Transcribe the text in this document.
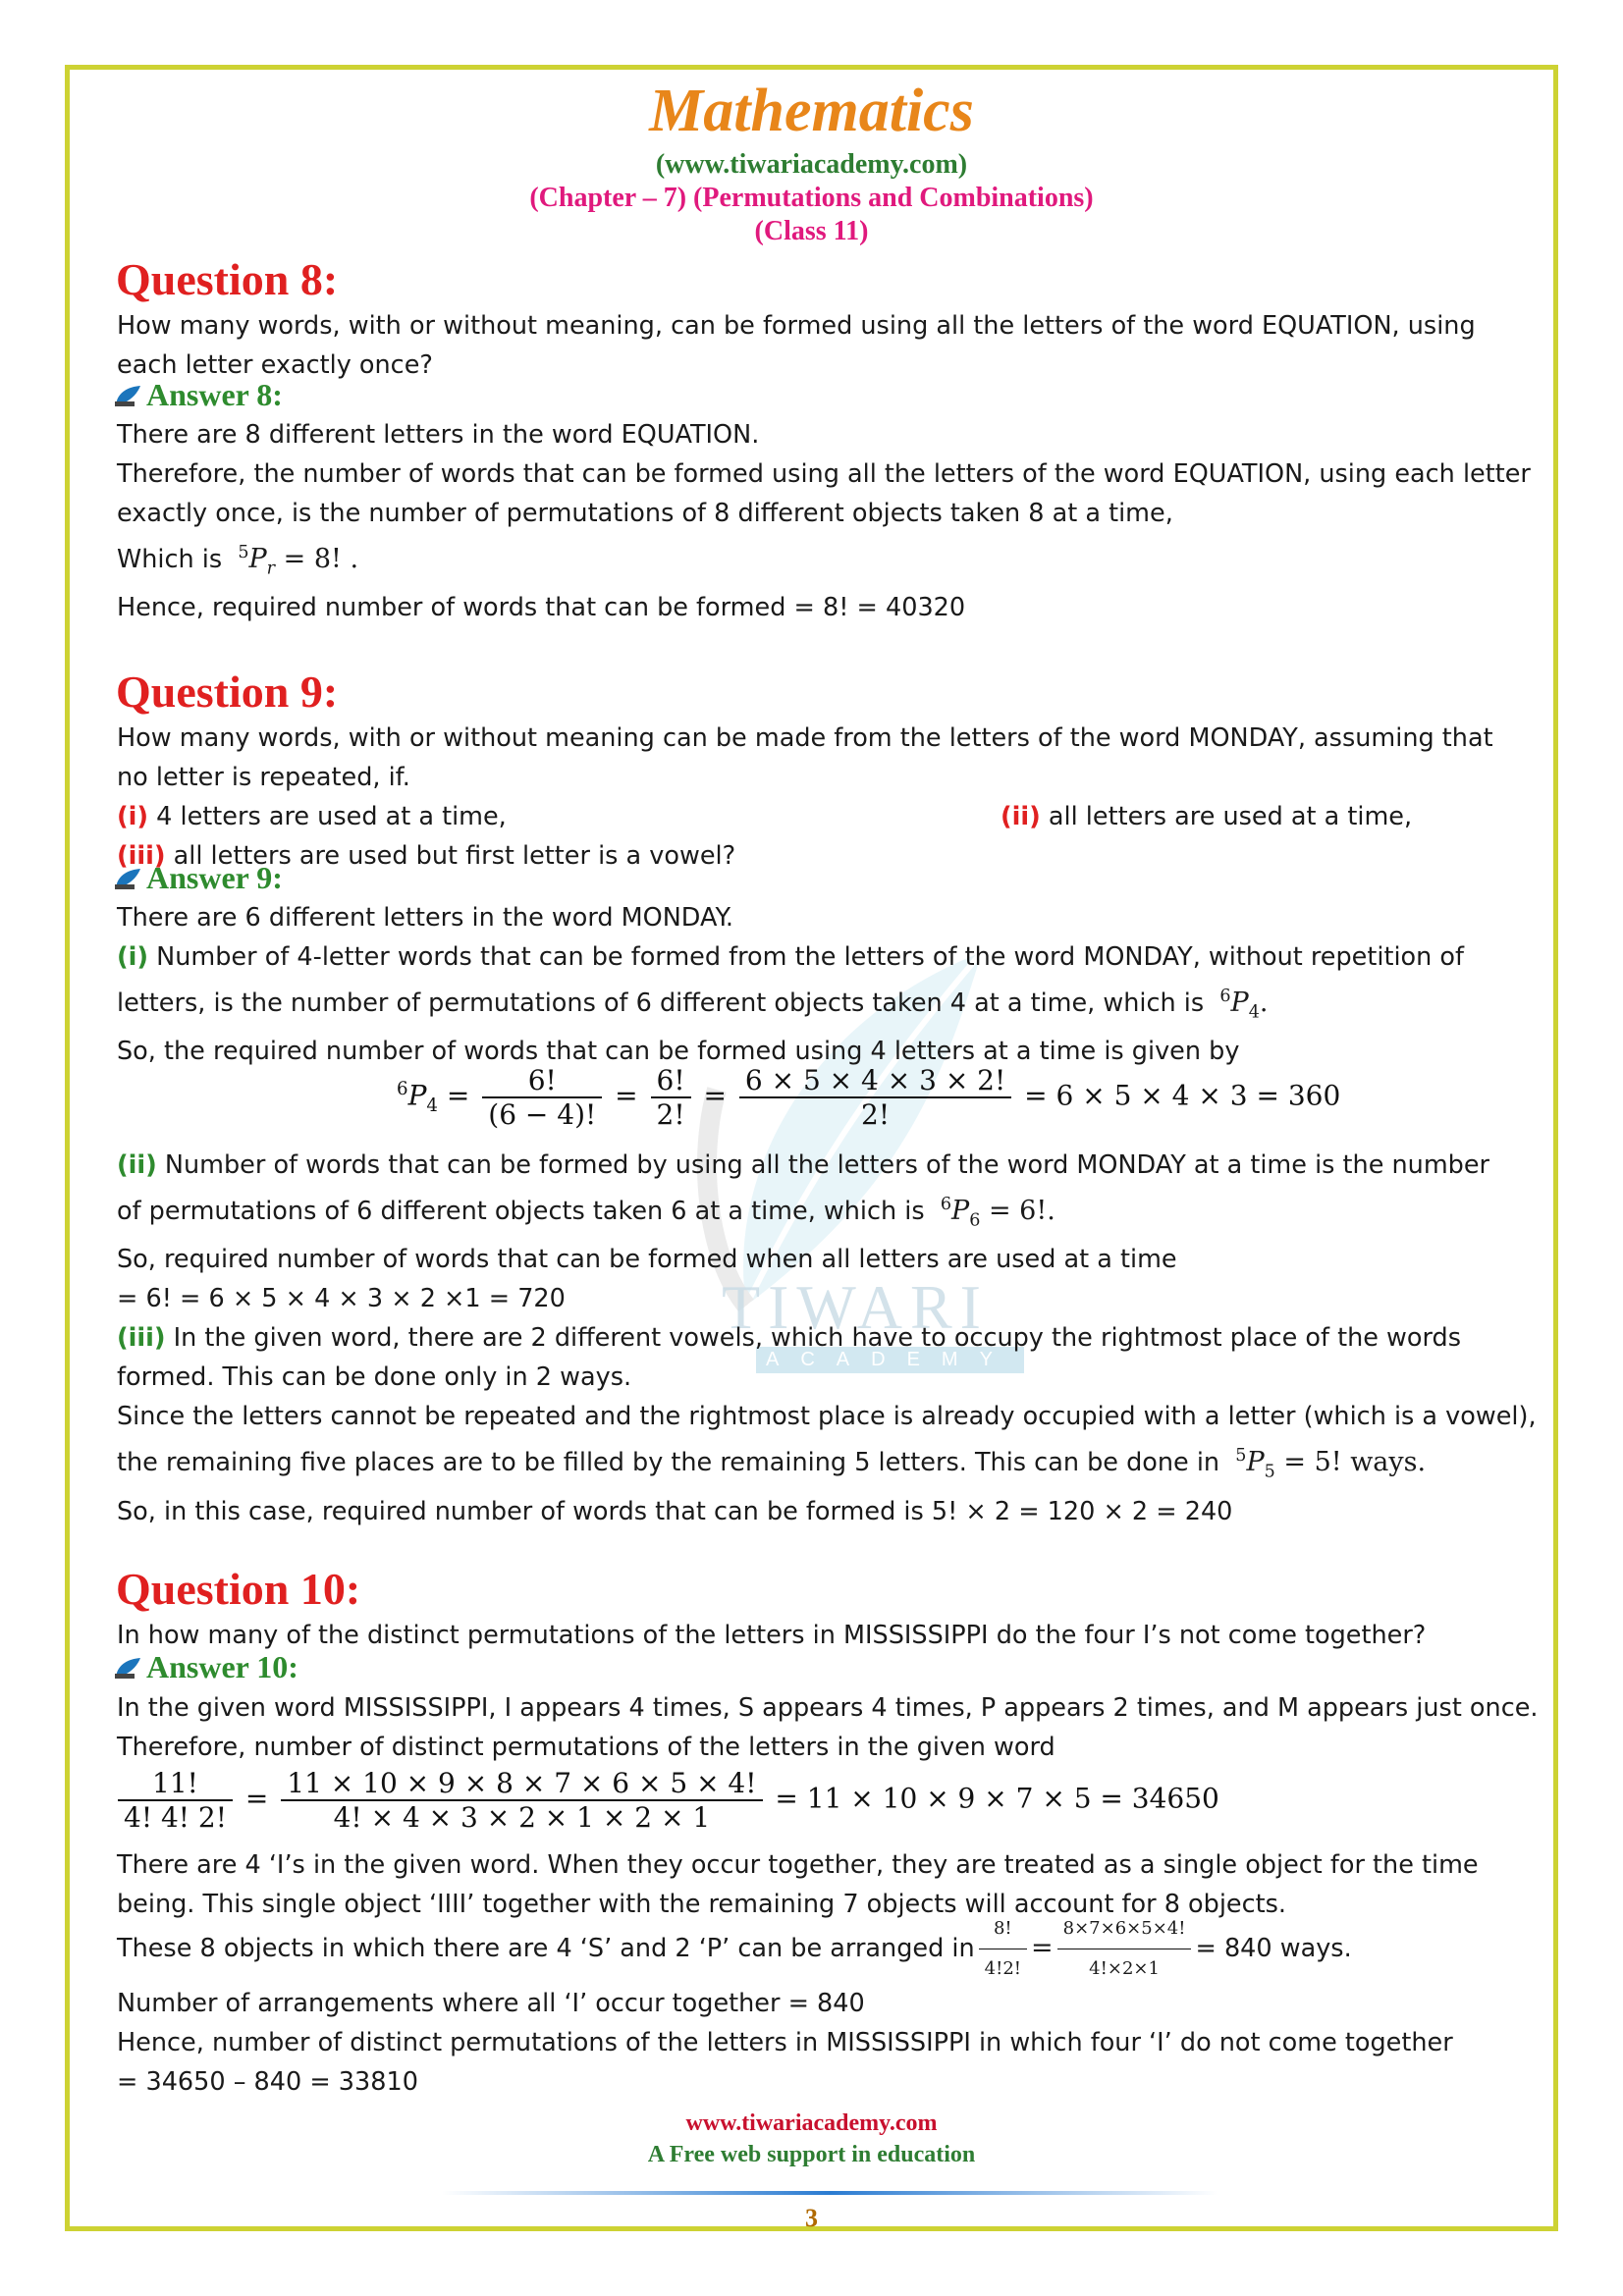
TIWARI
ACADEMY
Mathematics
(www.tiwariacademy.com)
(Chapter – 7) (Permutations and Combinations)
(Class 11)
Question 8:
How many words, with or without meaning, can be formed using all the letters of the word EQUATION, using
each letter exactly once?
Answer 8:
There are 8 different letters in the word EQUATION.
Therefore, the number of words that can be formed using all the letters of the word EQUATION, using each letter
exactly once, is the number of permutations of 8 different objects taken 8 at a time,
Which is $^5P_r = 8$! .
Hence, required number of words that can be formed = 8! = 40320
Question 9:
How many words, with or without meaning can be made from the letters of the word MONDAY, assuming that
no letter is repeated, if.
(i) 4 letters are used at a time,	(ii) all letters are used at a time,
(iii) all letters are used but first letter is a vowel?
Answer 9:
There are 6 different letters in the word MONDAY.
(i) Number of 4-letter words that can be formed from the letters of the word MONDAY, without repetition of
letters, is the number of permutations of 6 different objects taken 4 at a time, which is $^6P_4$.
So, the required number of words that can be formed using 4 letters at a time is given by
$^6P_4 = \frac{6!}{(6 - 4)!} = \frac{6!}{2!} = \frac{6 \times 5 \times 4 \times 3 \times 2!}{2!} = 6 \times 5 \times 4 \times 3 = 360$
(ii) Number of words that can be formed by using all the letters of the word MONDAY at a time is the number
of permutations of 6 different objects taken 6 at a time, which is $^6P_6 = 6$!.
So, required number of words that can be formed when all letters are used at a time
= 6! = 6 × 5 × 4 × 3 × 2 ×1 = 720
(iii) In the given word, there are 2 different vowels, which have to occupy the rightmost place of the words
formed. This can be done only in 2 ways.
Since the letters cannot be repeated and the rightmost place is already occupied with a letter (which is a vowel),
the remaining five places are to be filled by the remaining 5 letters. This can be done in $^5P_5 = 5$! ways.
So, in this case, required number of words that can be formed is 5! × 2 = 120 × 2 = 240
Question 10:
In how many of the distinct permutations of the letters in MISSISSIPPI do the four I’s not come together?
Answer 10:
In the given word MISSISSIPPI, I appears 4 times, S appears 4 times, P appears 2 times, and M appears just once.
Therefore, number of distinct permutations of the letters in the given word
$\frac{11!}{4! 4! 2!} = \frac{11 \times 10 \times 9 \times 8 \times 7 \times 6 \times 5 \times 4!}{4! \times 4 \times 3 \times 2 \times 1 \times 2 \times 1} = 11 \times 10 \times 9 \times 7 \times 5 = 34650$
There are 4 ‘I’s in the given word. When they occur together, they are treated as a single object for the time
being. This single object ‘IIII’ together with the remaining 7 objects will account for 8 objects.
These 8 objects in which there are 4 ‘S’ and 2 ‘P’ can be arranged in $\frac{8!}{4!2!} = \frac{8\times 7\times 6\times 5\times 4!}{4!\times 2\times 1} = 840$ ways.
Number of arrangements where all ‘I’ occur together = 840
Hence, number of distinct permutations of the letters in MISSISSIPPI in which four ‘I’ do not come together
= 34650 – 840 = 33810
www.tiwariacademy.com
A Free web support in education
3
